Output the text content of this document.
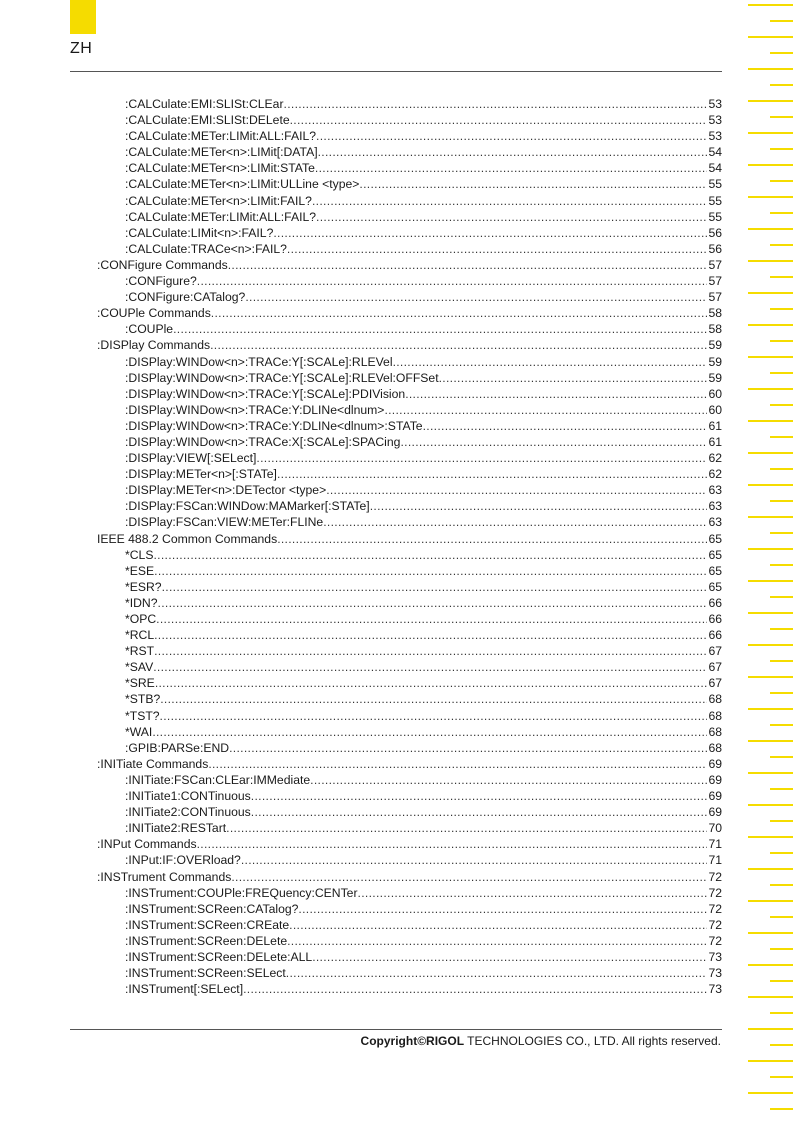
ZH
:CALCulate:EMI:SLISt:CLEar .....	53
:CALCulate:EMI:SLISt:DELete .....	53
:CALCulate:METer:LIMit:ALL:FAIL? .....	53
:CALCulate:METer<n>:LIMit[:DATA] .....	54
:CALCulate:METer<n>:LIMit:STATe .....	54
:CALCulate:METer<n>:LIMit:ULLine <type> .....	55
:CALCulate:METer<n>:LIMit:FAIL? .....	55
:CALCulate:METer:LIMit:ALL:FAIL? .....	55
:CALCulate:LIMit<n>:FAIL? .....	56
:CALCulate:TRACe<n>:FAIL? .....	56
:CONFigure Commands .....	57
:CONFigure? .....	57
:CONFigure:CATalog? .....	57
:COUPle Commands .....	58
:COUPle .....	58
:DISPlay Commands .....	59
:DISPlay:WINDow<n>:TRACe:Y[:SCALe]:RLEVel .....	59
:DISPlay:WINDow<n>:TRACe:Y[:SCALe]:RLEVel:OFFSet .....	59
:DISPlay:WINDow<n>:TRACe:Y[:SCALe]:PDIVision .....	60
:DISPlay:WINDow<n>:TRACe:Y:DLINe<dlnum> .....	60
:DISPlay:WINDow<n>:TRACe:Y:DLINe<dlnum>:STATe .....	61
:DISPlay:WINDow<n>:TRACe:X[:SCALe]:SPACing .....	61
:DISPlay:VIEW[:SELect] .....	62
:DISPlay:METer<n>[:STATe] .....	62
:DISPlay:METer<n>:DETector <type> .....	63
:DISPlay:FSCan:WINDow:MAMarker[:STATe] .....	63
:DISPlay:FSCan:VIEW:METer:FLINe .....	63
IEEE 488.2 Common Commands .....	65
*CLS .....	65
*ESE .....	65
*ESR? .....	65
*IDN? .....	66
*OPC .....	66
*RCL .....	66
*RST .....	67
*SAV .....	67
*SRE .....	67
*STB? .....	68
*TST? .....	68
*WAI .....	68
:GPIB:PARSe:END .....	68
:INITiate Commands .....	69
:INITiate:FSCan:CLEar:IMMediate .....	69
:INITiate1:CONTinuous .....	69
:INITiate2:CONTinuous .....	69
:INITiate2:RESTart .....	70
:INPut Commands .....	71
:INPut:IF:OVERload? .....	71
:INSTrument Commands .....	72
:INSTrument:COUPle:FREQuency:CENTer .....	72
:INSTrument:SCReen:CATalog? .....	72
:INSTrument:SCReen:CREate .....	72
:INSTrument:SCReen:DELete .....	72
:INSTrument:SCReen:DELete:ALL .....	73
:INSTrument:SCReen:SELect .....	73
:INSTrument[:SELect] .....	73
Copyright©RIGOL TECHNOLOGIES CO., LTD. All rights reserved.
